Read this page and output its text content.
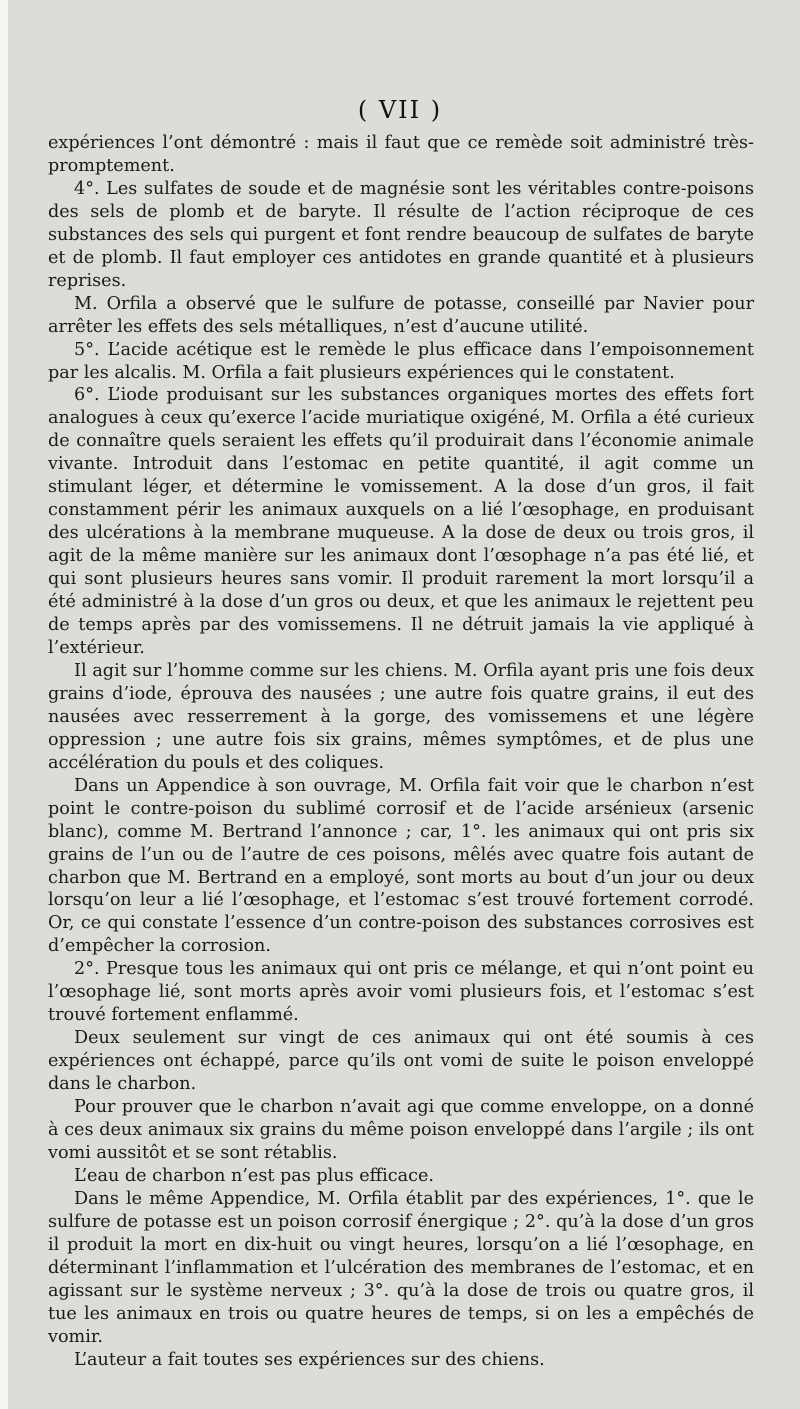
( VII )

expériences l’ont démontré : mais il faut que ce remède soit administré très-promptement.

4°. Les sulfates de soude et de magnésie sont les véritables contre-poisons des sels de plomb et de baryte. Il résulte de l’action réciproque de ces substances des sels qui purgent et font rendre beaucoup de sulfates de baryte et de plomb. Il faut employer ces antidotes en grande quantité et à plusieurs reprises.

M. Orfila a observé que le sulfure de potasse, conseillé par Navier pour arrêter les effets des sels métalliques, n’est d’aucune utilité.

5°. L’acide acétique est le remède le plus efficace dans l’empoisonnement par les alcalis. M. Orfila a fait plusieurs expériences qui le constatent.

6°. L’iode produisant sur les substances organiques mortes des effets fort analogues à ceux qu’exerce l’acide muriatique oxigéné, M. Orfila a été curieux de connaître quels seraient les effets qu’il produirait dans l’économie animale vivante. Introduit dans l’estomac en petite quantité, il agit comme un stimulant léger, et détermine le vomissement. A la dose d’un gros, il fait constamment périr les animaux auxquels on a lié l’œsophage, en produisant des ulcérations à la membrane muqueuse. A la dose de deux ou trois gros, il agit de la même manière sur les animaux dont l’œsophage n’a pas été lié, et qui sont plusieurs heures sans vomir. Il produit rarement la mort lorsqu’il a été administré à la dose d’un gros ou deux, et que les animaux le rejettent peu de temps après par des vomissemens. Il ne détruit jamais la vie appliqué à l’extérieur.

Il agit sur l’homme comme sur les chiens. M. Orfila ayant pris une fois deux grains d’iode, éprouva des nausées ; une autre fois quatre grains, il eut des nausées avec resserrement à la gorge, des vomissemens et une légère oppression ; une autre fois six grains, mêmes symptômes, et de plus une accélération du pouls et des coliques.

Dans un Appendice à son ouvrage, M. Orfila fait voir que le charbon n’est point le contre-poison du sublimé corrosif et de l’acide arsénieux (arsenic blanc), comme M. Bertrand l’annonce ; car, 1°. les animaux qui ont pris six grains de l’un ou de l’autre de ces poisons, mêlés avec quatre fois autant de charbon que M. Bertrand en a employé, sont morts au bout d’un jour ou deux lorsqu’on leur a lié l’œsophage, et l’estomac s’est trouvé fortement corrodé. Or, ce qui constate l’essence d’un contre-poison des substances corrosives est d’empêcher la corrosion.

2°. Presque tous les animaux qui ont pris ce mélange, et qui n’ont point eu l’œsophage lié, sont morts après avoir vomi plusieurs fois, et l’estomac s’est trouvé fortement enflammé.

Deux seulement sur vingt de ces animaux qui ont été soumis à ces expériences ont échappé, parce qu’ils ont vomi de suite le poison enveloppé dans le charbon.

Pour prouver que le charbon n’avait agi que comme enveloppe, on a donné à ces deux animaux six grains du même poison enveloppé dans l’argile ; ils ont vomi aussitôt et se sont rétablis.

L’eau de charbon n’est pas plus efficace.

Dans le même Appendice, M. Orfila établit par des expériences, 1°. que le sulfure de potasse est un poison corrosif énergique ; 2°. qu’à la dose d’un gros il produit la mort en dix-huit ou vingt heures, lorsqu’on a lié l’œsophage, en déterminant l’inflammation et l’ulcération des membranes de l’estomac, et en agissant sur le système nerveux ; 3°. qu’à la dose de trois ou quatre gros, il tue les animaux en trois ou quatre heures de temps, si on les a empêchés de vomir.

L’auteur a fait toutes ses expériences sur des chiens.
